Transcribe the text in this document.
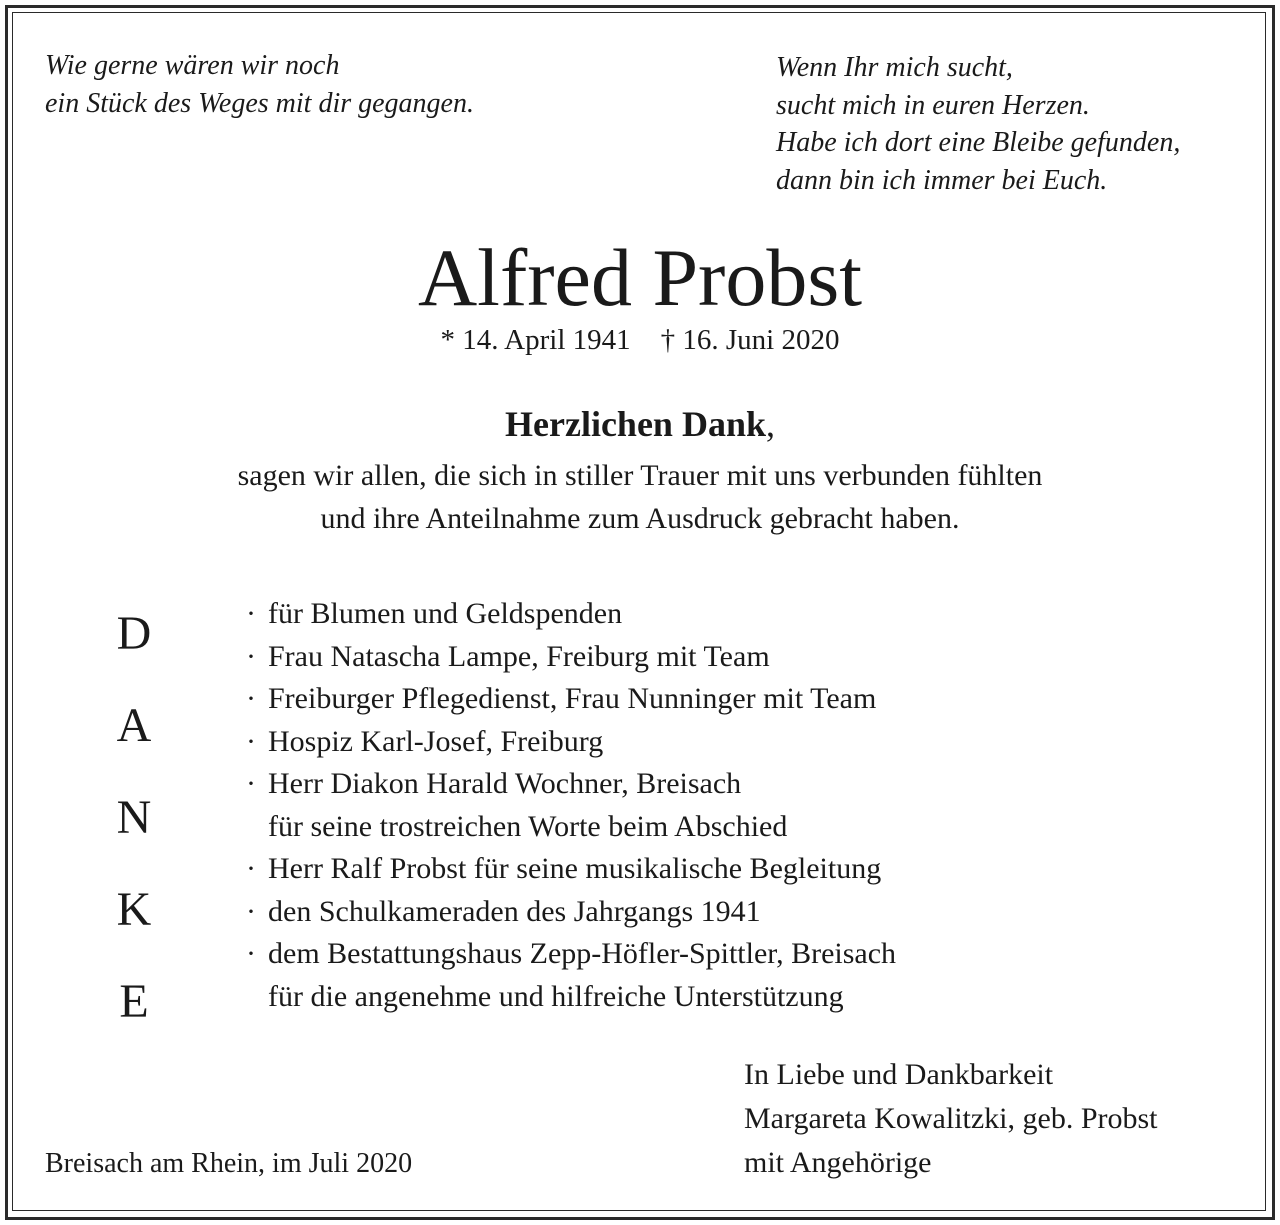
Wie gerne wären wir noch
ein Stück des Weges mit dir gegangen.
Wenn Ihr mich sucht,
sucht mich in euren Herzen.
Habe ich dort eine Bleibe gefunden,
dann bin ich immer bei Euch.
Alfred Probst
* 14. April 1941 † 16. Juni 2020
Herzlichen Dank,
sagen wir allen, die sich in stiller Trauer mit uns verbunden fühlten
und ihre Anteilnahme zum Ausdruck gebracht haben.
D
A
N
K
E
· für Blumen und Geldspenden
· Frau Natascha Lampe, Freiburg mit Team
· Freiburger Pflegedienst, Frau Nunninger mit Team
· Hospiz Karl-Josef, Freiburg
· Herr Diakon Harald Wochner, Breisach
für seine trostreichen Worte beim Abschied
· Herr Ralf Probst für seine musikalische Begleitung
· den Schulkameraden des Jahrgangs 1941
· dem Bestattungshaus Zepp-Höfler-Spittler, Breisach
für die angenehme und hilfreiche Unterstützung
Breisach am Rhein, im Juli 2020
In Liebe und Dankbarkeit
Margareta Kowalitzki, geb. Probst
mit Angehörige
